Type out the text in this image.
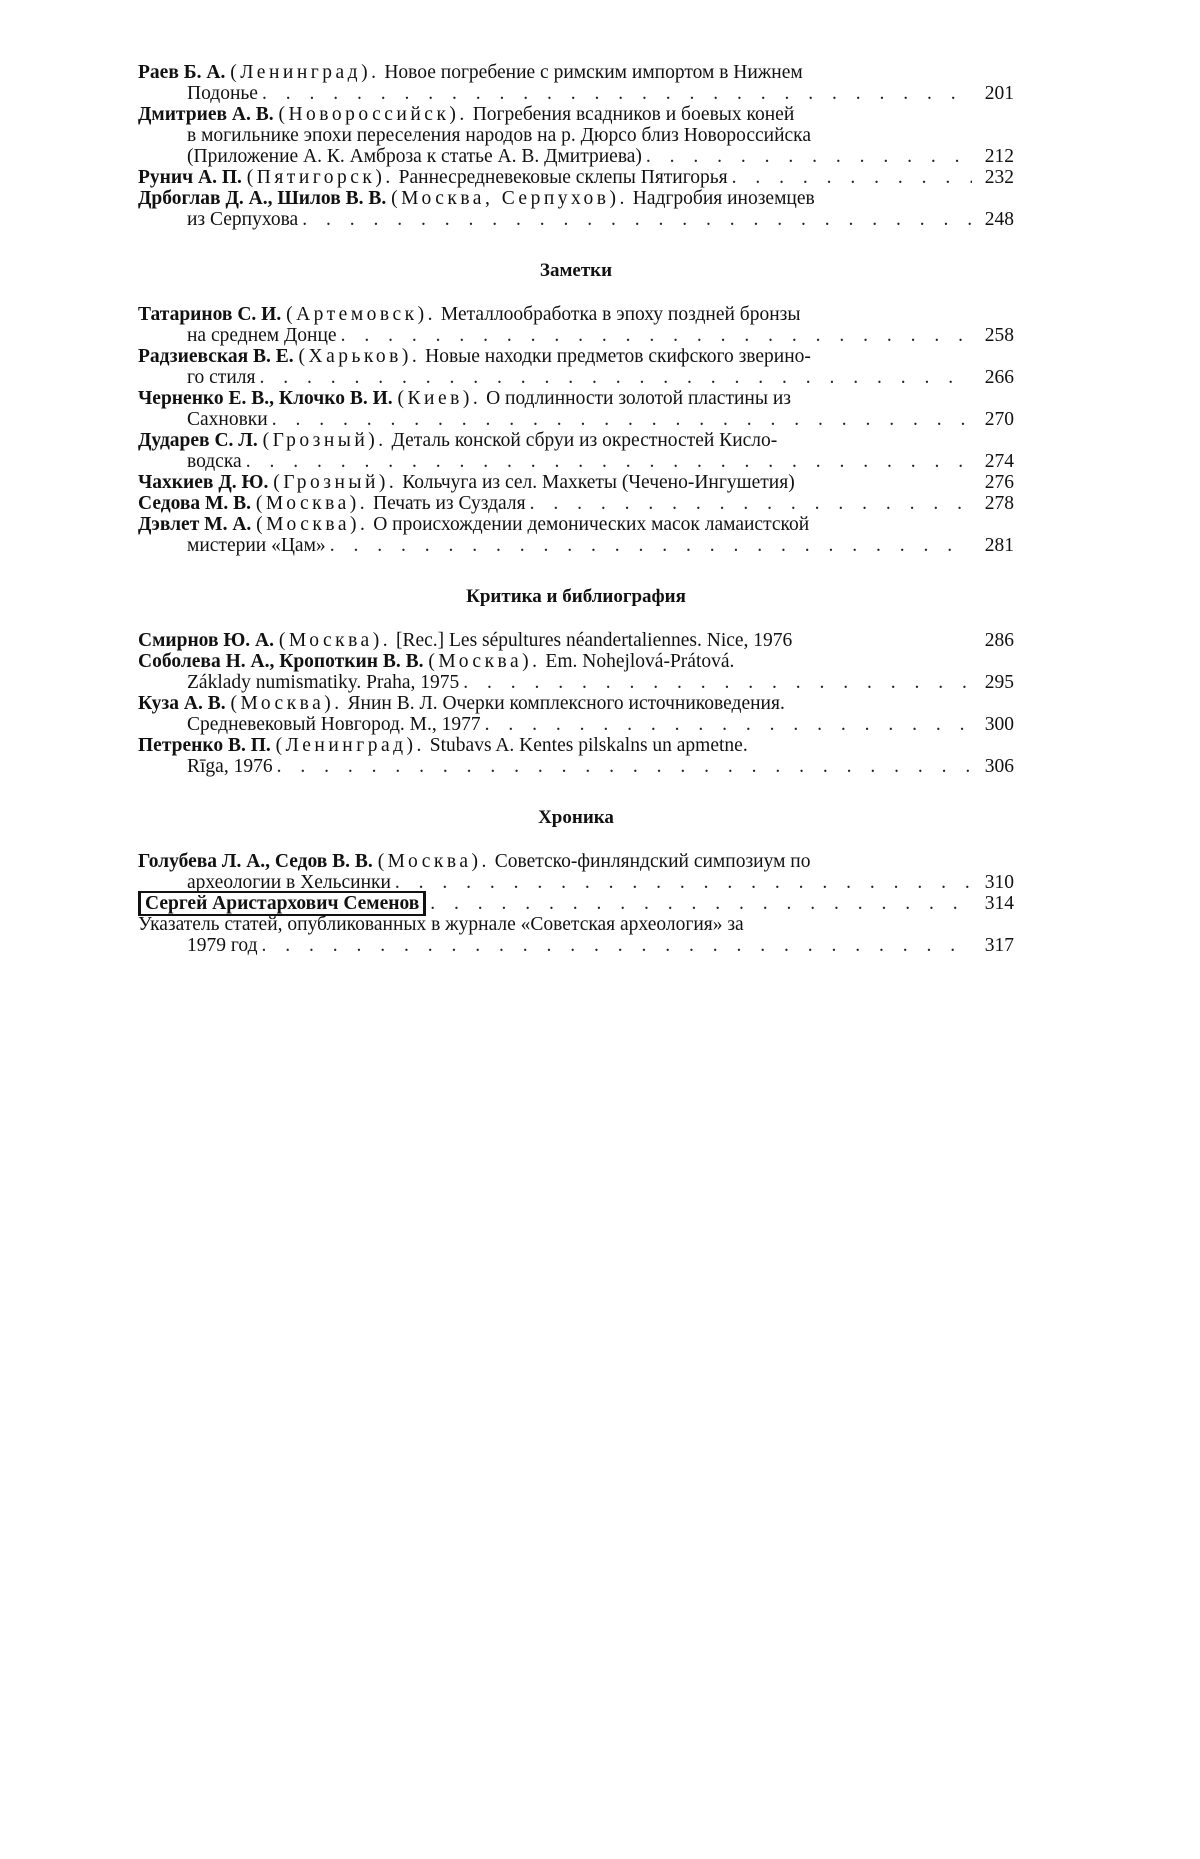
Раев Б. А. (Ленинград). Новое погребение с римским импортом в Нижнем
Подонье . . .	201
Дмитриев А. В. (Новороссийск). Погребения всадников и боевых коней
в могильнике эпохи переселения народов на р. Дюрсо близ Новороссийска
(Приложение А. К. Амброза к статье А. В. Дмитриева) . . .	212
Рунич А. П. (Пятигорск). Раннесредневековые склепы Пятигорья . . .	232
Дрбоглав Д. А., Шилов В. В. (Москва, Серпухов). Надгробия иноземцев
из Серпухова . . .	248
Заметки
Татаринов С. И. (Артемовск). Металлообработка в эпоху поздней бронзы
на среднем Донце . . .	258
Радзиевская В. Е. (Харьков). Новые находки предметов скифского зверино-
го стиля . . .	266
Черненко Е. В., Клочко В. И. (Киев). О подлинности золотой пластины из
Сахновки . . .	270
Дударев С. Л. (Грозный). Деталь конской сбруи из окрестностей Кисло-
водска . . .	274
Чахкиев Д. Ю. (Грозный). Кольчуга из сел. Махкеты (Чечено-Ингушетия)	276
Седова М. В. (Москва). Печать из Суздаля . . .	278
Дэвлет М. А. (Москва). О происхождении демонических масок ламаистской
мистерии «Цам» . . .	281
Критика и библиография
Смирнов Ю. А. (Москва). [Rec.] Les sépultures néandertaliennes. Nice, 1976	286
Соболева Н. А., Кропоткин В. В. (Москва). Em. Nohejlová-Prátová.
Základy numismatiky. Praha, 1975 . . .	295
Куза А. В. (Москва). Янин В. Л. Очерки комплексного источниковедения.
Средневековый Новгород. М., 1977 . . .	300
Петренко В. П. (Ленинград). Stubavs A. Kentes pilskalns un apmetne.
Rīga, 1976 . . .	306
Хроника
Голубева Л. А., Седов В. В. (Москва). Советско-финляндский симпозиум по
археологии в Хельсинки . . .	310
Сергей Аристархович Семенов . . .	314
Указатель статей, опубликованных в журнале «Советская археология» за
1979 год . . .	317
